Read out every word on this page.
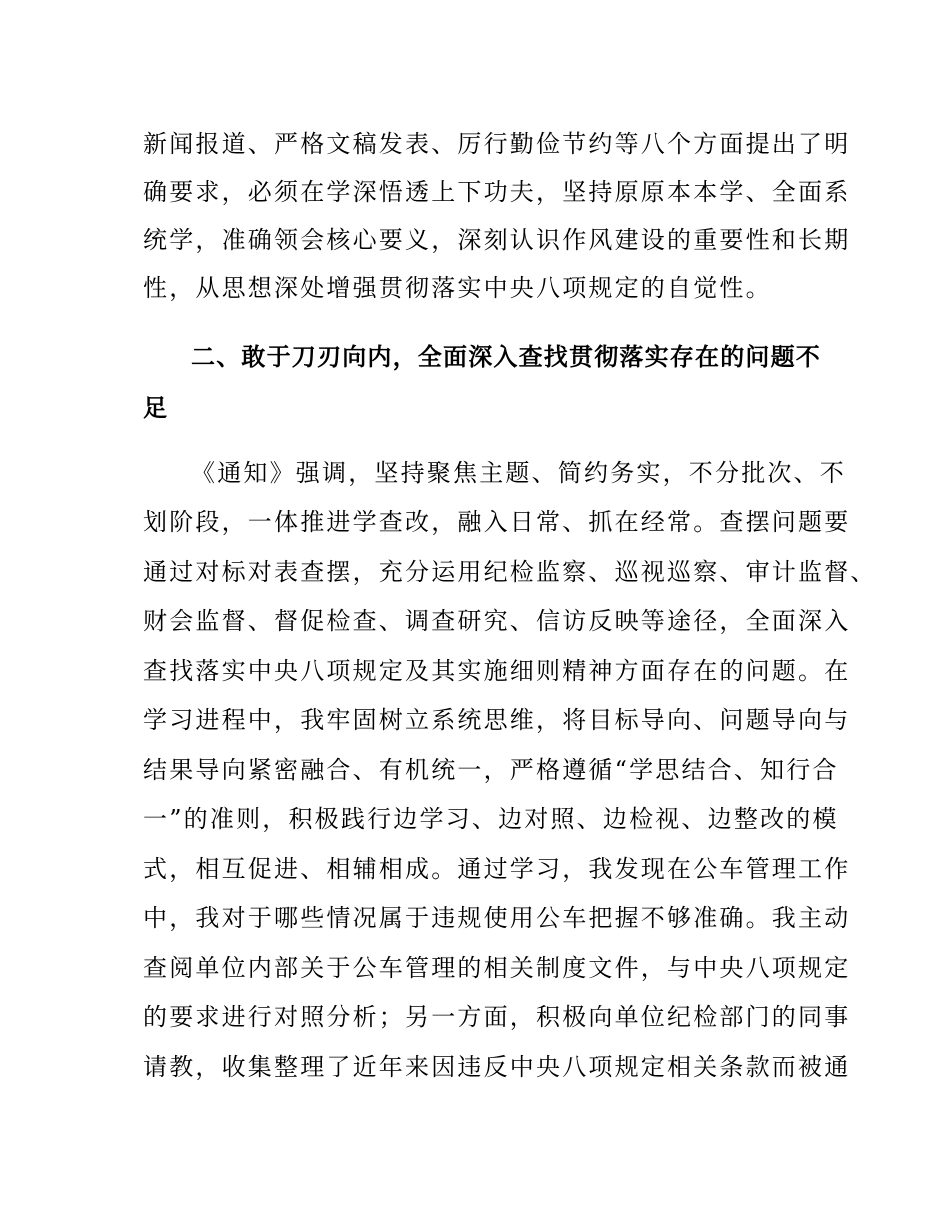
新闻报道、严格文稿发表、厉行勤俭节约等八个方面提出了明
确要求，必须在学深悟透上下功夫，坚持原原本本学、全面系
统学，准确领会核心要义，深刻认识作风建设的重要性和长期
性，从思想深处增强贯彻落实中央八项规定的自觉性。
二、敢于刀刃向内，全面深入查找贯彻落实存在的问题不
足
《通知》强调，坚持聚焦主题、简约务实，不分批次、不
划阶段，一体推进学查改，融入日常、抓在经常。查摆问题要
通过对标对表查摆，充分运用纪检监察、巡视巡察、审计监督、
财会监督、督促检查、调查研究、信访反映等途径，全面深入
查找落实中央八项规定及其实施细则精神方面存在的问题。在
学习进程中，我牢固树立系统思维，将目标导向、问题导向与
结果导向紧密融合、有机统一，严格遵循“学思结合、知行合
一”的准则，积极践行边学习、边对照、边检视、边整改的模
式，相互促进、相辅相成。通过学习，我发现在公车管理工作
中，我对于哪些情况属于违规使用公车把握不够准确。我主动
查阅单位内部关于公车管理的相关制度文件，与中央八项规定
的要求进行对照分析；另一方面，积极向单位纪检部门的同事
请教，收集整理了近年来因违反中央八项规定相关条款而被通
